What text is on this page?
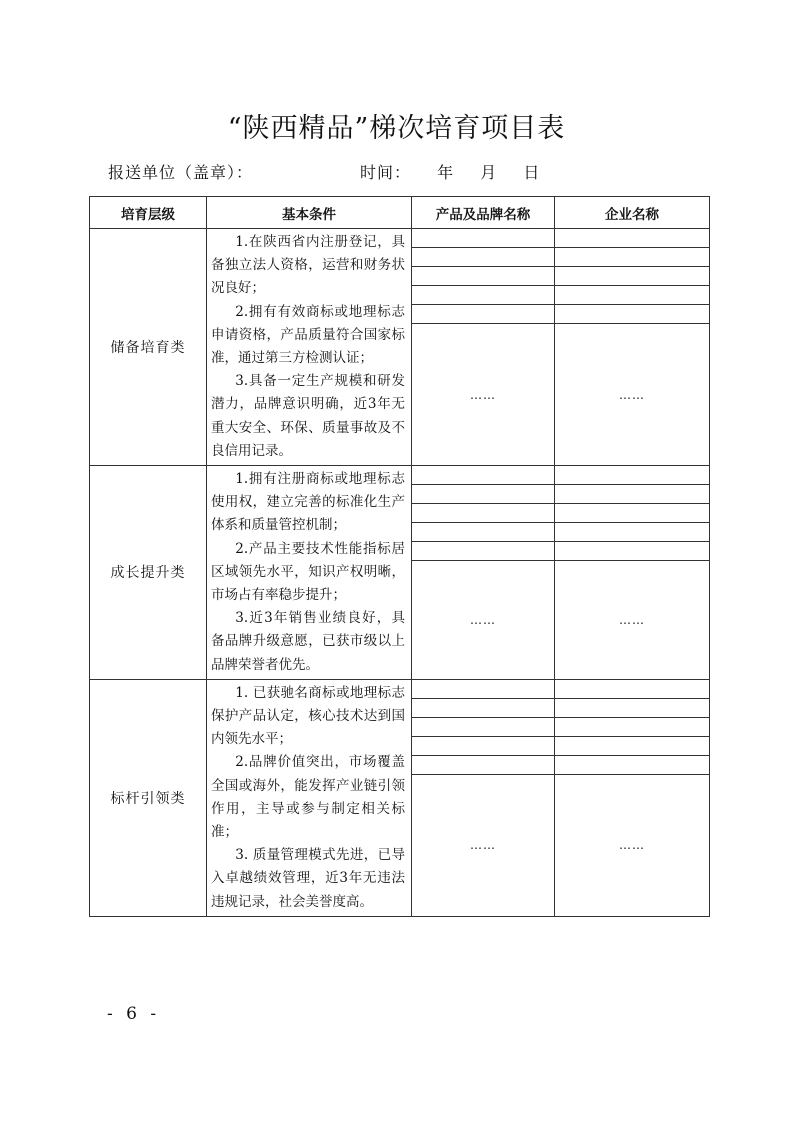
“陕西精品”梯次培育项目表
报送单位（盖章）：	时间： 年 月 日
培育层级	基本条件	产品及品牌名称	企业名称
储备培育类	1.在陕西省内注册登记，具备独立法人资格，运营和财务状况良好；

2.拥有有效商标或地理标志申请资格，产品质量符合国家标准，通过第三方检测认证；

3.具备一定生产规模和研发潜力，品牌意识明确，近3年无重大安全、环保、质量事故及不良信用记录。		

		……	……
成长提升类	1.拥有注册商标或地理标志使用权，建立完善的标准化生产体系和质量管控机制；

2.产品主要技术性能指标居区域领先水平，知识产权明晰，市场占有率稳步提升；

3.近3年销售业绩良好，具备品牌升级意愿，已获市级以上品牌荣誉者优先。		

		……	……
标杆引领类	1. 已获驰名商标或地理标志保护产品认定，核心技术达到国内领先水平；

2.品牌价值突出，市场覆盖全国或海外，能发挥产业链引领作用，主导或参与制定相关标准；

3. 质量管理模式先进，已导入卓越绩效管理，近3年无违法违规记录，社会美誉度高。		

		……	……
- 6 -
